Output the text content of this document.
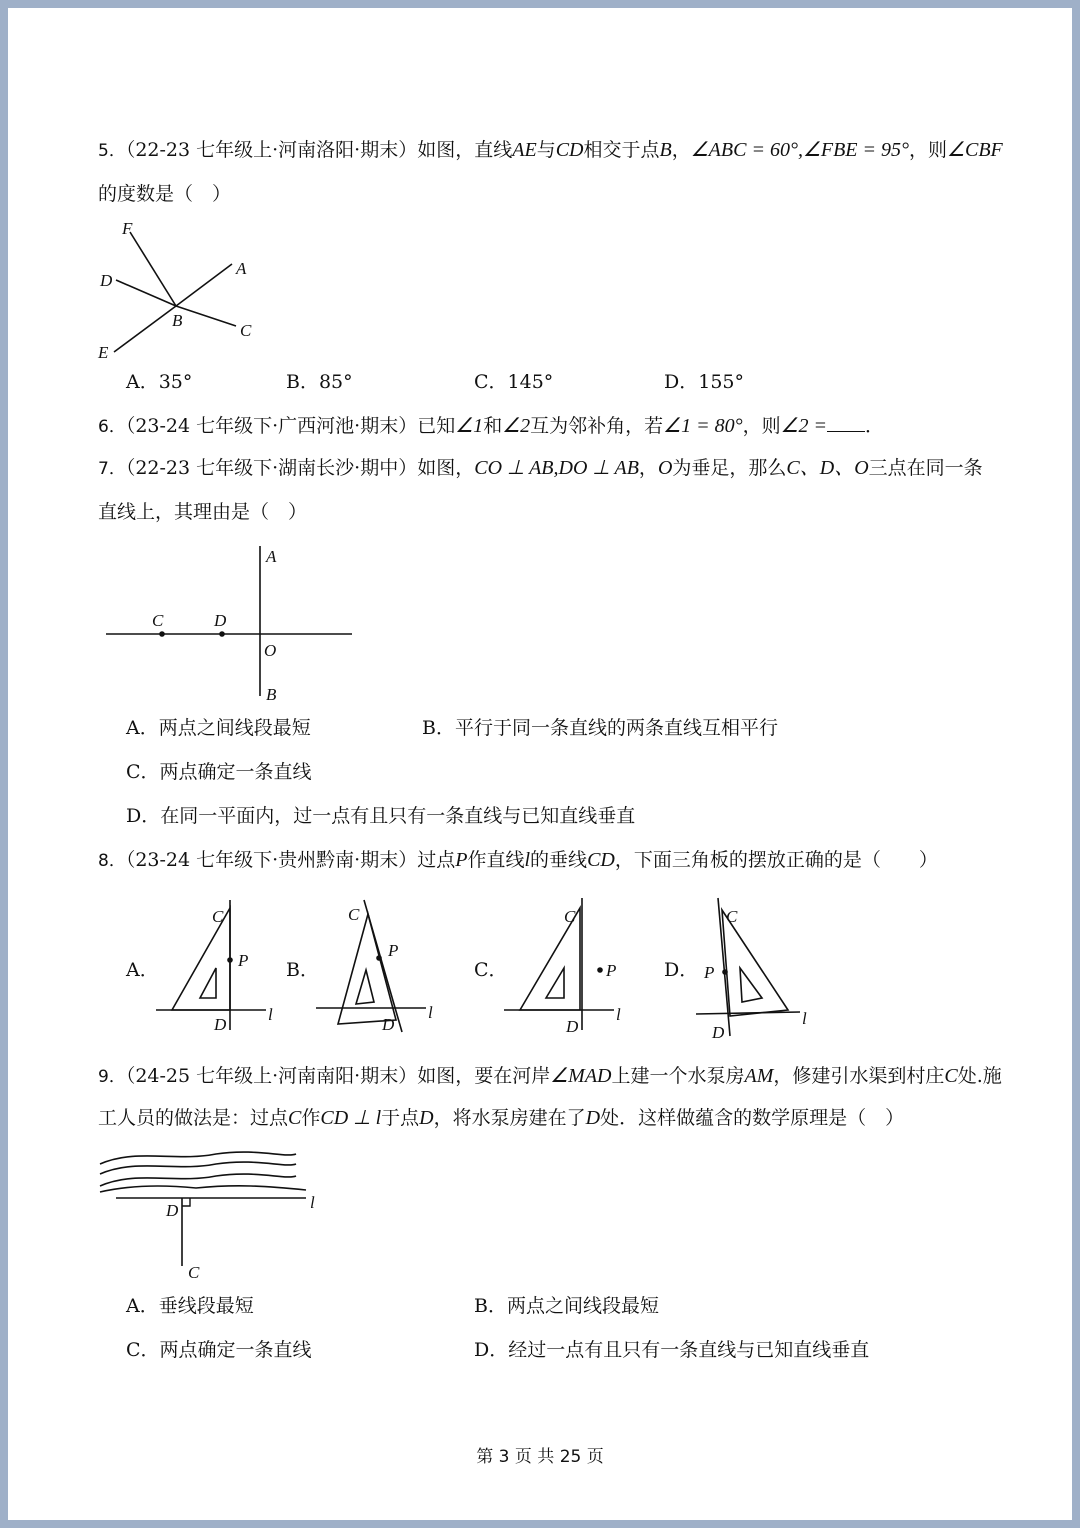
5．（22-23 七年级上·河南洛阳·期末）如图，直线AE与CD相交于点B，∠ABC = 60°,∠FBE = 95°，则∠CBF
的度数是（　）
F
D
A
B
C
E
A．35°	B．85°	C．145°	D．155°
6．（23-24 七年级下·广西河池·期末）已知∠1和∠2互为邻补角，若∠1 = 80°，则∠2 = ．
7．（22-23 七年级下·湖南长沙·期中）如图，CO ⊥ AB,DO ⊥ AB，O为垂足，那么C、D、O三点在同一条
直线上，其理由是（　）
A
C	D
O
B
A．两点之间线段最短	B．平行于同一条直线的两条直线互相平行
C．两点确定一条直线
D．在同一平面内，过一点有且只有一条直线与已知直线垂直
8．（23-24 七年级下·贵州黔南·期末）过点P作直线l的垂线CD，下面三角板的摆放正确的是（　　）
A．
C
P
D
l
B．
C
P
D
l
C．
C
P
D
l
D．
C
P
D
l
9．（24-25 七年级上·河南南阳·期末）如图，要在河岸∠MAD上建一个水泵房AM，修建引水渠到村庄C处.施
工人员的做法是：过点C作CD ⊥ l于点D，将水泵房建在了D处．这样做蕴含的数学原理是（　）
D	l
C
A．垂线段最短	B．两点之间线段最短
C．两点确定一条直线	D．经过一点有且只有一条直线与已知直线垂直
第 3 页 共 25 页
